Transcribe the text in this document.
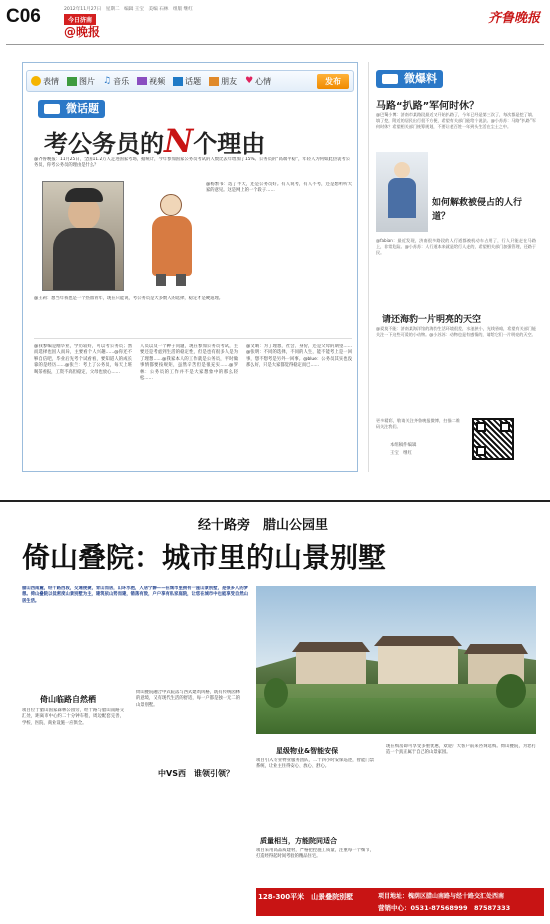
C06	2012年11月27日　星期二　编辑 王宝　美编 石林　组版 继红
今日济南
@晚报
齐鲁晚报
表情	图片 ♫ 音乐	视频	话题	朋友 ♥ 心情	发布
微话题
考公务员的N个理由
@齐鲁晚报：11月25日，全国11.2万人走进国家考场，据统计，今年参加国家公务员考试的人数比去年增加了15%。公务员的“高端平稳”，年轻人为何如此热衷考公务员，你考公务员的理由是什么？
@杨繁书：选了半天，还是公务员好。有人说考，有人不考，还是想听听大家的意见。这是网上的一个段子……
@王莉：想当年我也是一个热血青年，现在只能说，考公务员是大多数人的选择，稳定才是硬道理。
@我参编是刚毕业，学历较好，可以考公务员；然而选择也因人而异，主要看个人兴趣……@你还不够自信吧，毕业后先考个试看看，要知道人的成长靠的是经历……@张兰：考上了公务员，每天上班喝茶看报，工资不高但稳定，父母也放心……
人员以及一个种子问题，现在参加公务员考试，主要还是考虑到生活的稳定性，但是也有很多人是为了理想……@我家本人的工作就是公务员，平时做事情都要按规矩，虽然辛苦但是很充实……@罗林：公务员的工作并不是大家想象中的那么轻松……
@文晴：为了理想，社会、身份，还是父母的期望……@张明：不同的选择，不同的人生，能不能考上是一回事，想不想考是另外一回事。@blue：公务员其实也没那么好，只是大家都觉得稳定而已……
微爆料
马路“扒路”军何时休？
@巴蜀小博：济南市某路段最近又开始扒路了，今年已经是第三次了，每次都是挖了填、填了挖，附近的居民出行很不方便，希望有关部门能给个说法。@小苏苏：马路“扒路”军何时休？希望相关部门统筹规划，不要让老百姓一年到头生活在尘土之中。
如何解救被侵占的人行道？
@fabian：最近发现，济南很多路段的人行道都被机动车占用了，行人只能走在马路上，非常危险。@小苏苏：人行道本来就是给行人走的，希望相关部门加强管理，还路于民。
请还海豹一片明亮的天空
@爱莫不能：济南某海洋馆的海豹生活环境很差，水池狭小，光线昏暗，希望有关部门能关注一下这些可爱的小动物。@小苏苏：动物也是有感情的，请给它们一片明亮的天空。
更多精彩，敬请关注齐鲁晚报微博，扫描二维码关注我们。
本组稿件编辑
王宝　继红
经十路旁　腊山公园里
倚山叠院：城市里的山景别墅
腊山西南麓，经十路西段，交通便捷，背山而居，山环水抱，人居宁静——在城市里拥有一座山景别墅，是很多人的梦想。倚山叠院以低密度山景别墅为主，建筑依山势而建，错落有致，户户享有私家庭院，让您在城市中也能享受自然山居生活。
倚山临路自然栖
项目位于腊山国家森林公园旁，经十路与腊山南路交汇处，距离市中心约二十分钟车程，周边配套完善，学校、医院、商业设施一应俱全。
中VS西　谁领引领？
倚山叠院融合中式院落与西式建筑风格，既有传统园林的意境，又有现代生活的舒适，每一户都是独一无二的山景别墅。
星级物业&智能安保
项目引入专业物业服务团队，二十四小时安保巡逻，智能门禁系统，让业主住得安心、放心、舒心。
质量相当，方能院同适合
项目采用高品质建材，严格把控施工质量，注重每一个细节，打造经得起时间考验的精品住宅。
现在购房即可享受多重优惠，欢迎广大客户前来咨询选购。倚山叠院，为您打造一个真正属于自己的山景家园。
128-300平米　山景叠院别墅	项目地址：槐荫区腊山南路与经十路交汇处西南
营销中心：0531-87568999　87587333
